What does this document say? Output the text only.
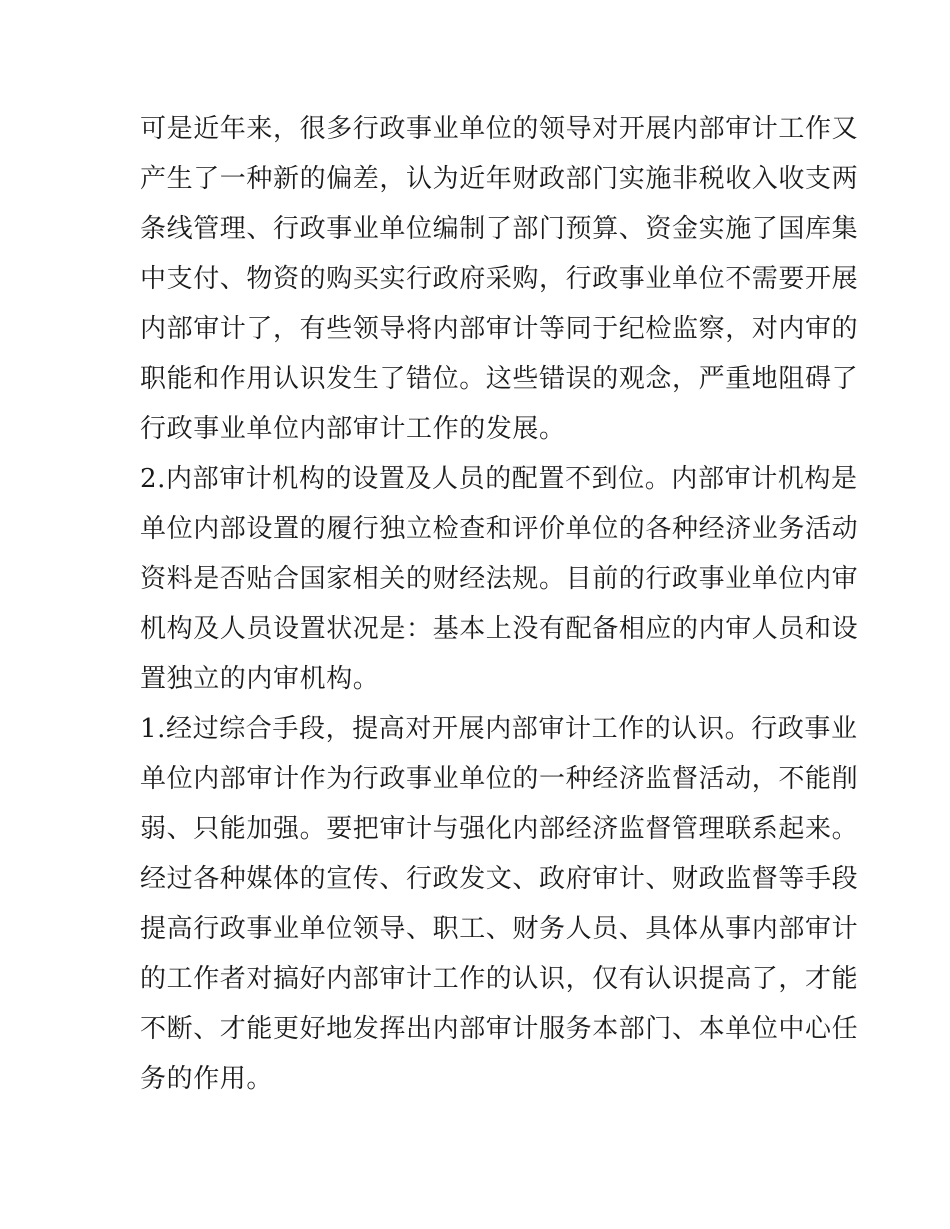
可是近年来，很多行政事业单位的领导对开展内部审计工作又
产生了一种新的偏差，认为近年财政部门实施非税收入收支两
条线管理、行政事业单位编制了部门预算、资金实施了国库集
中支付、物资的购买实行政府采购，行政事业单位不需要开展
内部审计了，有些领导将内部审计等同于纪检监察，对内审的
职能和作用认识发生了错位。这些错误的观念，严重地阻碍了
行政事业单位内部审计工作的发展。
2.内部审计机构的设置及人员的配置不到位。内部审计机构是
单位内部设置的履行独立检查和评价单位的各种经济业务活动
资料是否贴合国家相关的财经法规。目前的行政事业单位内审
机构及人员设置状况是：基本上没有配备相应的内审人员和设
置独立的内审机构。
1.经过综合手段，提高对开展内部审计工作的认识。行政事业
单位内部审计作为行政事业单位的一种经济监督活动，不能削
弱、只能加强。要把审计与强化内部经济监督管理联系起来。
经过各种媒体的宣传、行政发文、政府审计、财政监督等手段
提高行政事业单位领导、职工、财务人员、具体从事内部审计
的工作者对搞好内部审计工作的认识，仅有认识提高了，才能
不断、才能更好地发挥出内部审计服务本部门、本单位中心任
务的作用。
